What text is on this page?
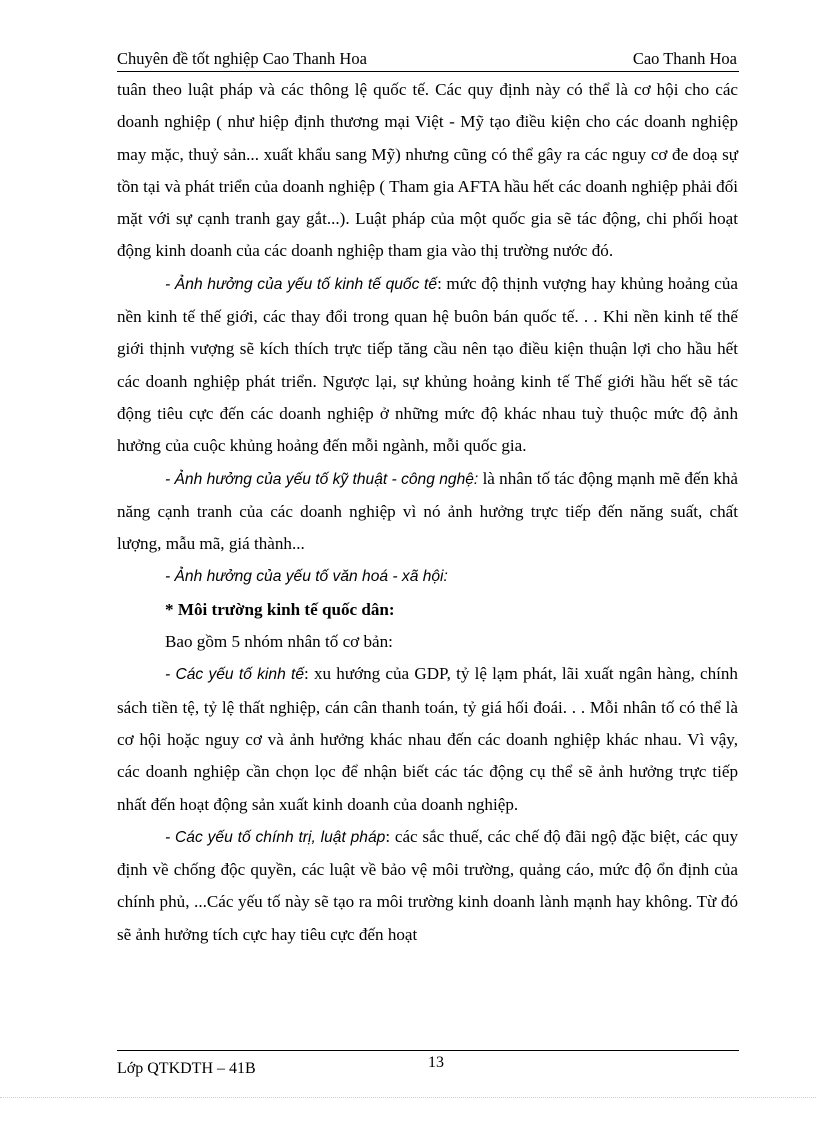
Chuyên đề tốt nghiệp Cao Thanh Hoa	Cao Thanh Hoa

tuân theo luật pháp và các thông lệ quốc tế. Các quy định này có thể là cơ hội cho các doanh nghiệp ( như hiệp định thương mại Việt - Mỹ tạo điều kiện cho các doanh nghiệp may mặc, thuỷ sản... xuất khẩu sang Mỹ) nhưng cũng có thể gây ra các nguy cơ đe doạ sự tồn tại và phát triển của doanh nghiệp ( Tham gia AFTA hầu hết các doanh nghiệp phải đối mặt với sự cạnh tranh gay gắt...). Luật pháp của một quốc gia sẽ tác động, chi phối hoạt động kinh doanh của các doanh nghiệp tham gia vào thị trường nước đó.

- Ảnh hưởng của yếu tố kinh tế quốc tế: mức độ thịnh vượng hay khủng hoảng của nền kinh tế thế giới, các thay đổi trong quan hệ buôn bán quốc tế. . . Khi nền kinh tế thế giới thịnh vượng sẽ kích thích trực tiếp tăng cầu nên tạo điều kiện thuận lợi cho hầu hết các doanh nghiệp phát triển. Ngược lại, sự khủng hoảng kinh tế Thế giới hầu hết sẽ tác động tiêu cực đến các doanh nghiệp ở những mức độ khác nhau tuỳ thuộc mức độ ảnh hưởng của cuộc khủng hoảng đến mỗi ngành, mỗi quốc gia.

- Ảnh hưởng của yếu tố kỹ thuật - công nghệ: là nhân tố tác động mạnh mẽ đến khả năng cạnh tranh của các doanh nghiệp vì nó ảnh hưởng trực tiếp đến năng suất, chất lượng, mẫu mã, giá thành...

- Ảnh hưởng của yếu tố văn hoá - xã hội:

* Môi trường kinh tế quốc dân:

Bao gồm 5 nhóm nhân tố cơ bản:

- Các yếu tố kinh tế: xu hướng của GDP, tỷ lệ lạm phát, lãi xuất ngân hàng, chính sách tiền tệ, tỷ lệ thất nghiệp, cán cân thanh toán, tỷ giá hối đoái. . . Mỗi nhân tố có thể là cơ hội hoặc nguy cơ và ảnh hưởng khác nhau đến các doanh nghiệp khác nhau. Vì vậy, các doanh nghiệp cần chọn lọc để nhận biết các tác động cụ thể sẽ ảnh hưởng trực tiếp nhất đến hoạt động sản xuất kinh doanh của doanh nghiệp.

- Các yếu tố chính trị, luật pháp: các sắc thuế, các chế độ đãi ngộ đặc biệt, các quy định về chống độc quyền, các luật về bảo vệ môi trường, quảng cáo, mức độ ổn định của chính phủ, ...Các yếu tố này sẽ tạo ra môi trường kinh doanh lành mạnh hay không. Từ đó sẽ ảnh hưởng tích cực hay tiêu cực đến hoạt

Lớp QTKDTH – 41B	13
